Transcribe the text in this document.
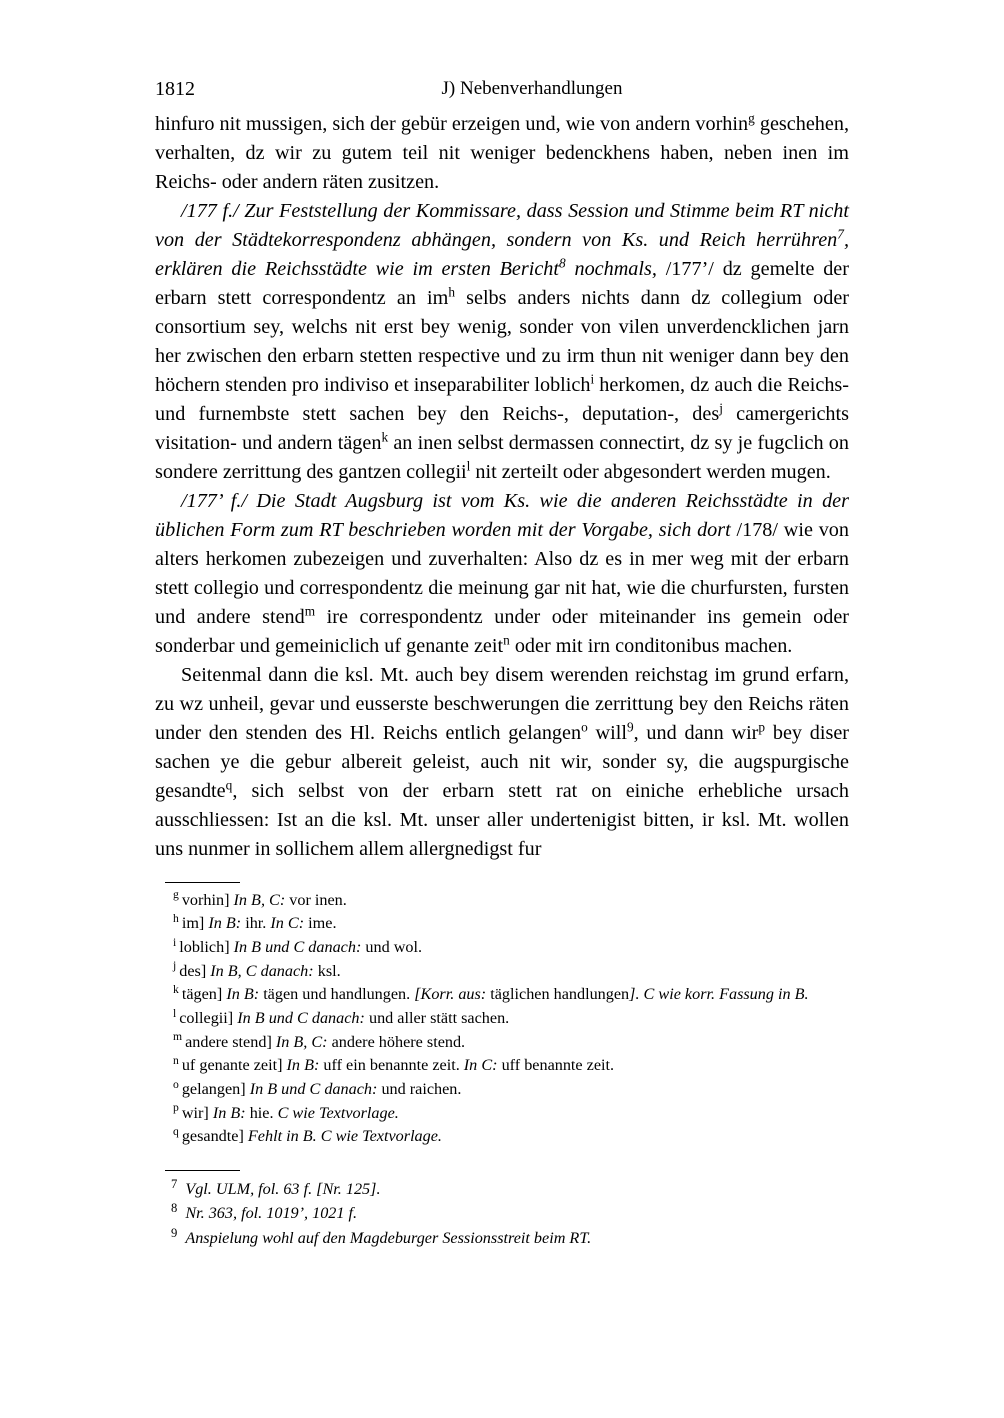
1812	J) Nebenverhandlungen

hinfuro nit mussigen, sich der gebür erzeigen und, wie von andern vorhin$^g$ geschehen, verhalten, dz wir zu gutem teil nit weniger bedenckhens haben, neben inen im Reichs- oder andern räten zusitzen.

/177 f./ Zur Feststellung der Kommissare, dass Session und Stimme beim RT nicht von der Städtekorrespondenz abhängen, sondern von Ks. und Reich herrühren$^7$, erklären die Reichsstädte wie im ersten Bericht$^8$ nochmals, /177’/ dz gemelte der erbarn stett correspondentz an $im^h$ selbs anders nichts dann dz collegium oder consortium sey, welchs nit erst bey wenig, sonder von vilen unverdencklichen jarn her zwischen den erbarn stetten respective und zu irm thun nit weniger dann bey den höchern stenden pro indiviso et inseparabiliter loblich$^i$ herkomen, dz auch die Reichs- und furnembste stett sachen bey den Reichs-, deputation-, des$^j$ camergerichts visitation- und andern tägen$^k$ an inen selbst dermassen connectirt, dz sy je fugclich on sondere zerrittung des gantzen collegii$^l$ nit zerteilt oder abgesondert werden mugen.

/177’ f./ Die Stadt Augsburg ist vom Ks. wie die anderen Reichsstädte in der üblichen Form zum RT beschrieben worden mit der Vorgabe, sich dort /178/ wie von alters herkomen zubezeigen und zuverhalten: Also dz es in mer weg mit der erbarn stett collegio und correspondentz die meinung gar nit hat, wie die churfursten, fursten und andere stend$^m$ ire correspondentz under oder miteinander ins gemein oder sonderbar und gemeiniclich uf genante zeit$^n$ oder mit irn conditonibus machen.

Seitenmal dann die ksl. Mt. auch bey disem werenden reichstag im grund erfarn, zu wz unheil, gevar und eusserste beschwerungen die zerrittung bey den Reichs räten under den stenden des Hl. Reichs entlich gelangen$^o$ will$^9$, und dann wir$^p$ bey diser sachen ye die gebur albereit geleist, auch nit wir, sonder sy, die augspurgische gesandte$^q$, sich selbst von der erbarn stett rat on einiche erhebliche ursach ausschliessen: Ist an die ksl. Mt. unser aller undertenigist bitten, ir ksl. Mt. wollen uns nunmer in sollichem allem allergnedigst fur

$^g$ vorhin] In B, C: vor inen.
$^h$ im] In B: ihr. In C: ime.
$^i$ loblich] In B und C danach: und wol.
$^j$ des] In B, C danach: ksl.
$^k$ tägen] In B: tägen und handlungen. [Korr. aus: täglichen handlungen]. C wie korr. Fassung in B.
$^l$ collegii] In B und C danach: und aller stätt sachen.
$^m$ andere stend] In B, C: andere höhere stend.
$^n$ uf genante zeit] In B: uff ein benannte zeit. In C: uff benannte zeit.
$^o$ gelangen] In B und C danach: und raichen.
$^p$ wir] In B: hie. C wie Textvorlage.
$^q$ gesandte] Fehlt in B. C wie Textvorlage.
$^7$ Vgl. ULM, fol. 63 f. [Nr. 125].
$^8$ Nr. 363, fol. 1019’, 1021 f.
$^9$ Anspielung wohl auf den Magdeburger Sessionsstreit beim RT.
